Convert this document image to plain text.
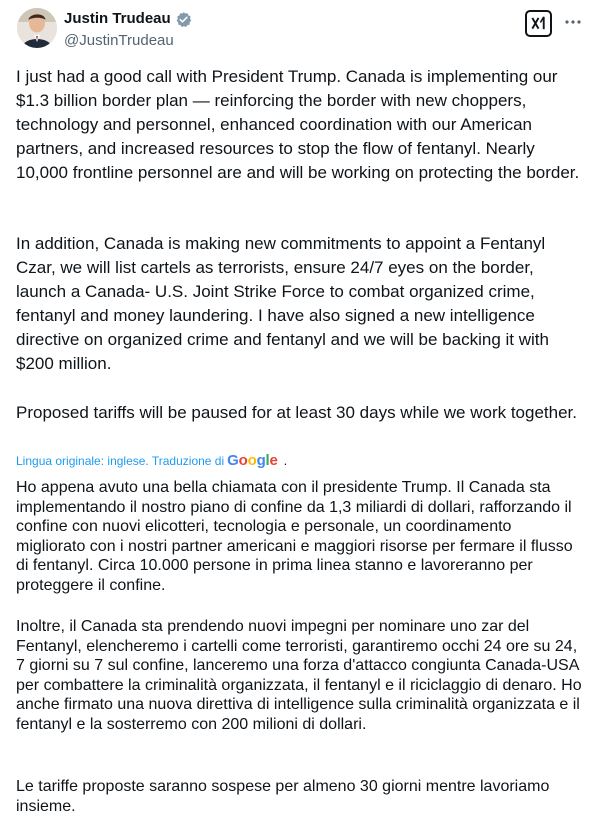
Justin Trudeau
@JustinTrudeau

I just had a good call with President Trump. Canada is implementing our $1.3 billion border plan — reinforcing the border with new choppers, technology and personnel, enhanced coordination with our American partners, and increased resources to stop the flow of fentanyl. Nearly 10,000 frontline personnel are and will be working on protecting the border.

In addition, Canada is making new commitments to appoint a Fentanyl Czar, we will list cartels as terrorists, ensure 24/7 eyes on the border, launch a Canada- U.S. Joint Strike Force to combat organized crime, fentanyl and money laundering. I have also signed a new intelligence directive on organized crime and fentanyl and we will be backing it with $200 million.

Proposed tariffs will be paused for at least 30 days while we work together.

Lingua originale: inglese. Traduzione di Google .

Ho appena avuto una bella chiamata con il presidente Trump. Il Canada sta implementando il nostro piano di confine da 1,3 miliardi di dollari, rafforzando il confine con nuovi elicotteri, tecnologia e personale, un coordinamento migliorato con i nostri partner americani e maggiori risorse per fermare il flusso di fentanyl. Circa 10.000 persone in prima linea stanno e lavoreranno per proteggere il confine.

Inoltre, il Canada sta prendendo nuovi impegni per nominare uno zar del Fentanyl, elencheremo i cartelli come terroristi, garantiremo occhi 24 ore su 24, 7 giorni su 7 sul confine, lanceremo una forza d'attacco congiunta Canada-USA per combattere la criminalità organizzata, il fentanyl e il riciclaggio di denaro. Ho anche firmato una nuova direttiva di intelligence sulla criminalità organizzata e il fentanyl e la sosterremo con 200 milioni di dollari.

Le tariffe proposte saranno sospese per almeno 30 giorni mentre lavoriamo insieme.
